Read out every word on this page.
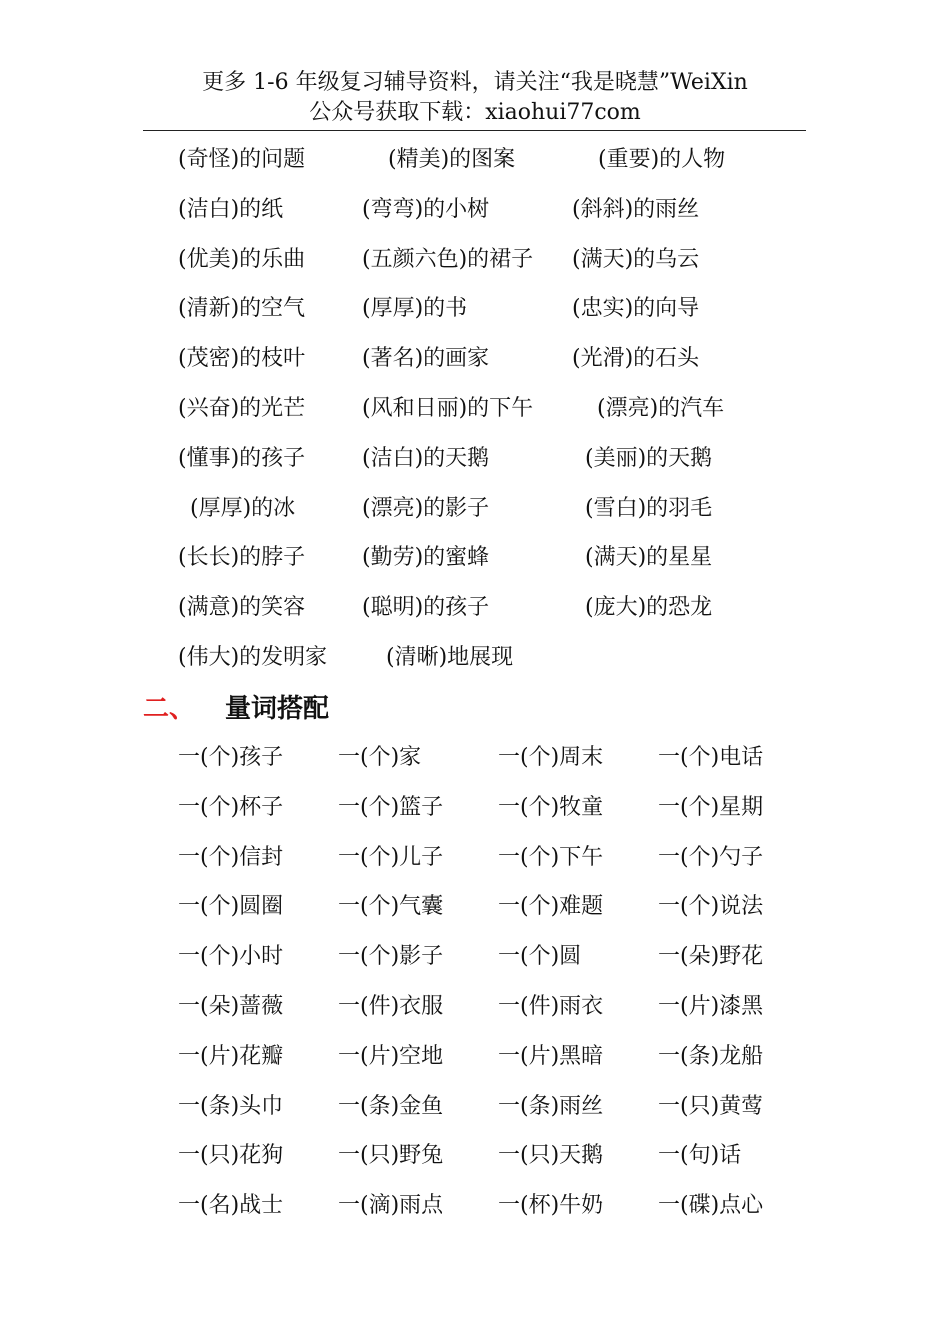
更多 1-6 年级复习辅导资料，请关注“我是晓慧”WeiXin
公众号获取下载：xiaohui77com
(奇怪)的问题	(精美)的图案	(重要)的人物
(洁白)的纸	(弯弯)的小树	(斜斜)的雨丝
(优美)的乐曲	(五颜六色)的裙子 (满天)的乌云
(清新)的空气	(厚厚)的书	(忠实)的向导
(茂密)的枝叶	(著名)的画家	(光滑)的石头
(兴奋)的光芒	(风和日丽)的下午	(漂亮)的汽车
(懂事)的孩子	(洁白)的天鹅	(美丽)的天鹅
(厚厚)的冰	(漂亮)的影子	(雪白)的羽毛
(长长)的脖子	(勤劳)的蜜蜂	(满天)的星星
(满意)的笑容	(聪明)的孩子	(庞大)的恐龙
(伟大)的发明家	(清晰)地展现
二、 量词搭配
一(个)孩子 一(个)家	一(个)周末 一(个)电话
一(个)杯子 一(个)篮子 一(个)牧童 一(个)星期
一(个)信封 一(个)儿子 一(个)下午 一(个)勺子
一(个)圆圈 一(个)气囊 一(个)难题 一(个)说法
一(个)小时 一(个)影子 一(个)圆	一(朵)野花
一(朵)蔷薇 一(件)衣服 一(件)雨衣 一(片)漆黑
一(片)花瓣 一(片)空地 一(片)黑暗 一(条)龙船
一(条)头巾 一(条)金鱼 一(条)雨丝 一(只)黄莺
一(只)花狗 一(只)野兔 一(只)天鹅 一(句)话
一(名)战士 一(滴)雨点 一(杯)牛奶 一(碟)点心
